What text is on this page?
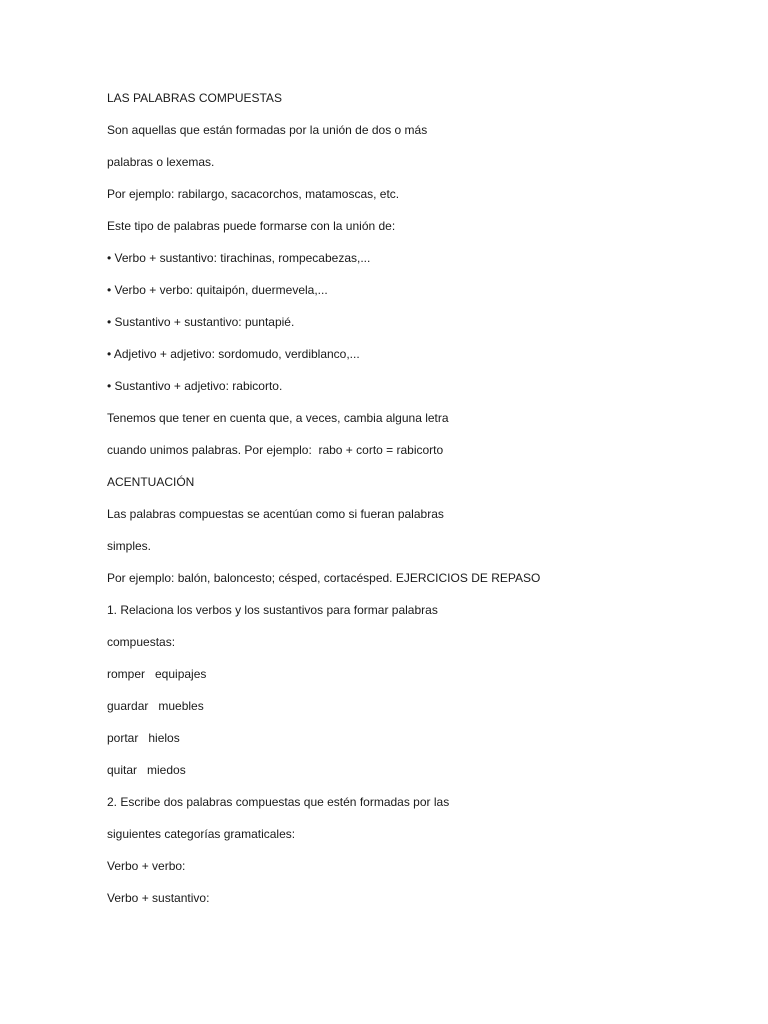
LAS PALABRAS COMPUESTAS

Son aquellas que están formadas por la unión de dos o más

palabras o lexemas.

Por ejemplo: rabilargo, sacacorchos, matamoscas, etc.

Este tipo de palabras puede formarse con la unión de:

• Verbo + sustantivo: tirachinas, rompecabezas,...

• Verbo + verbo: quitaipón, duermevela,...

• Sustantivo + sustantivo: puntapié.

• Adjetivo + adjetivo: sordomudo, verdiblanco,...

• Sustantivo + adjetivo: rabicorto.

Tenemos que tener en cuenta que, a veces, cambia alguna letra

cuando unimos palabras. Por ejemplo:  rabo + corto = rabicorto

ACENTUACIÓN

Las palabras compuestas se acentúan como si fueran palabras

simples.

Por ejemplo: balón, baloncesto; césped, cortacésped. EJERCICIOS DE REPASO

1. Relaciona los verbos y los sustantivos para formar palabras

compuestas:

romper   equipajes

guardar   muebles

portar   hielos

quitar   miedos

2. Escribe dos palabras compuestas que estén formadas por las

siguientes categorías gramaticales:

Verbo + verbo:

Verbo + sustantivo:
